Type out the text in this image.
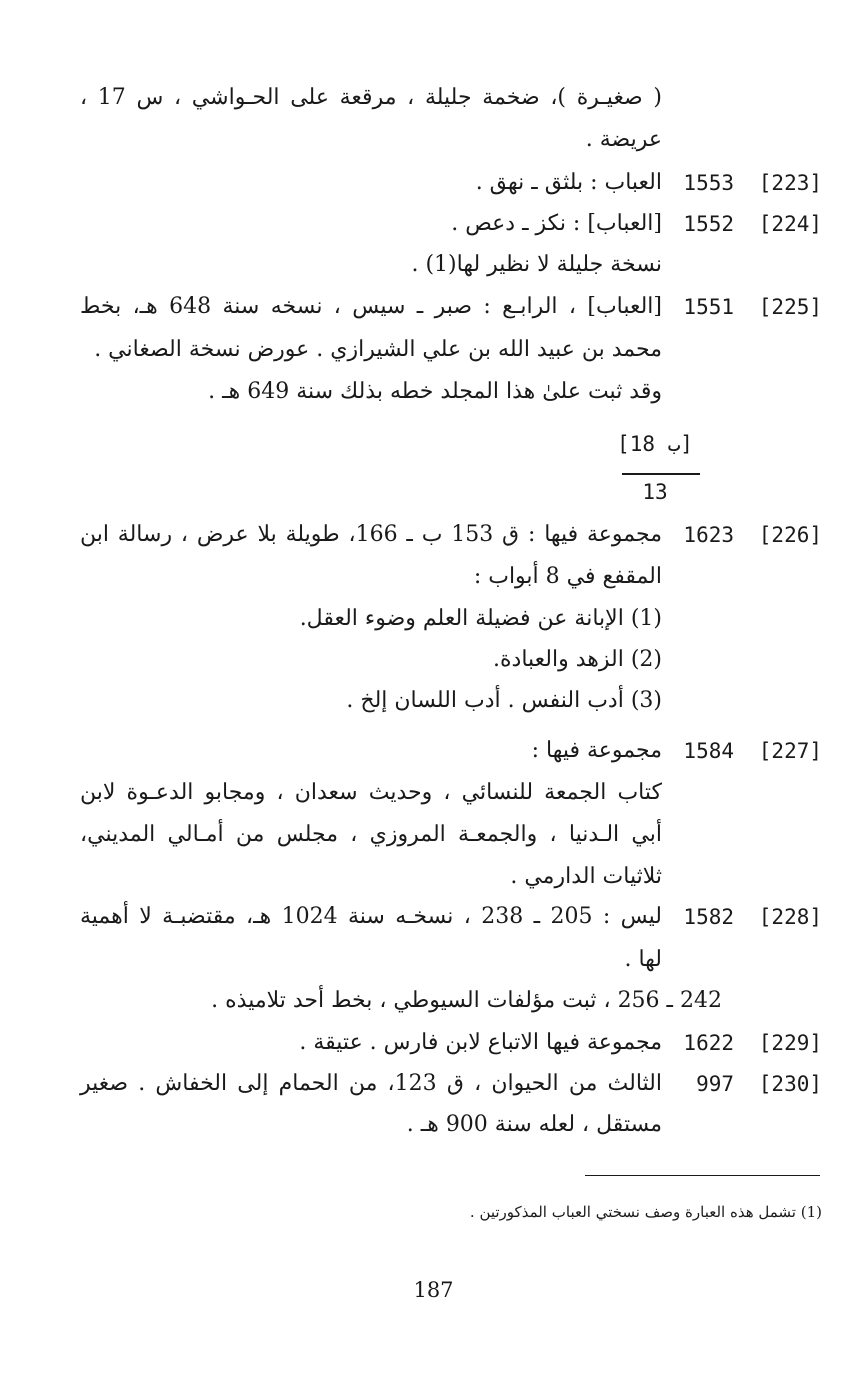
( صغيـرة )، ضخمة جليلة ، مرقعة على الحـواشي ، س 17 ،
عريضة .
[223]
1553
العباب : بلثق ـ نهق .
[224]
1552
[العباب] : نكز ـ دعص .
نسخة جليلة لا نظير لها(1) .
[225]
1551
[العباب] ، الرابـع : صبر ـ سيس ، نسخه سنة 648 هـ، بخط
محمد بن عبيد الله بن علي الشيرازي . عورض نسخة الصغاني .
وقد ثبت علىٰ هذا المجلد خطه بذلك سنة 649 هـ .
[18 ب]
13
[226]
1623
مجموعة فيها : ق 153 ب ـ 166، طويلة بلا عرض ، رسالة ابن
المقفع في 8 أبواب :
(1) الإبانة عن فضيلة العلم وضوء العقل.
(2) الزهد والعبادة.
(3) أدب النفس . أدب اللسان إلخ .
[227]
1584
مجموعة فيها :
كتاب الجمعة للنسائي ، وحديث سعدان ، ومجابو الدعـوة لابن
أبي الـدنيا ، والجمعـة المروزي ، مجلس من أمـالي المديني،
ثلاثيات الدارمي .
[228]
1582
ليس : 205 ـ 238 ، نسخـه سنة 1024 هـ، مقتضبـة لا أهمية
لها .
242 ـ 256 ، ثبت مؤلفات السيوطي ، بخط أحد تلاميذه .
[229]
1622
مجموعة فيها الاتباع لابن فارس . عتيقة .
[230]
997
الثالث من الحيوان ، ق 123، من الحمام إلى الخفاش . صغير
مستقل ، لعله سنة 900 هـ .
(1) تشمل هذه العبارة وصف نسختي العباب المذكورتين .
187
